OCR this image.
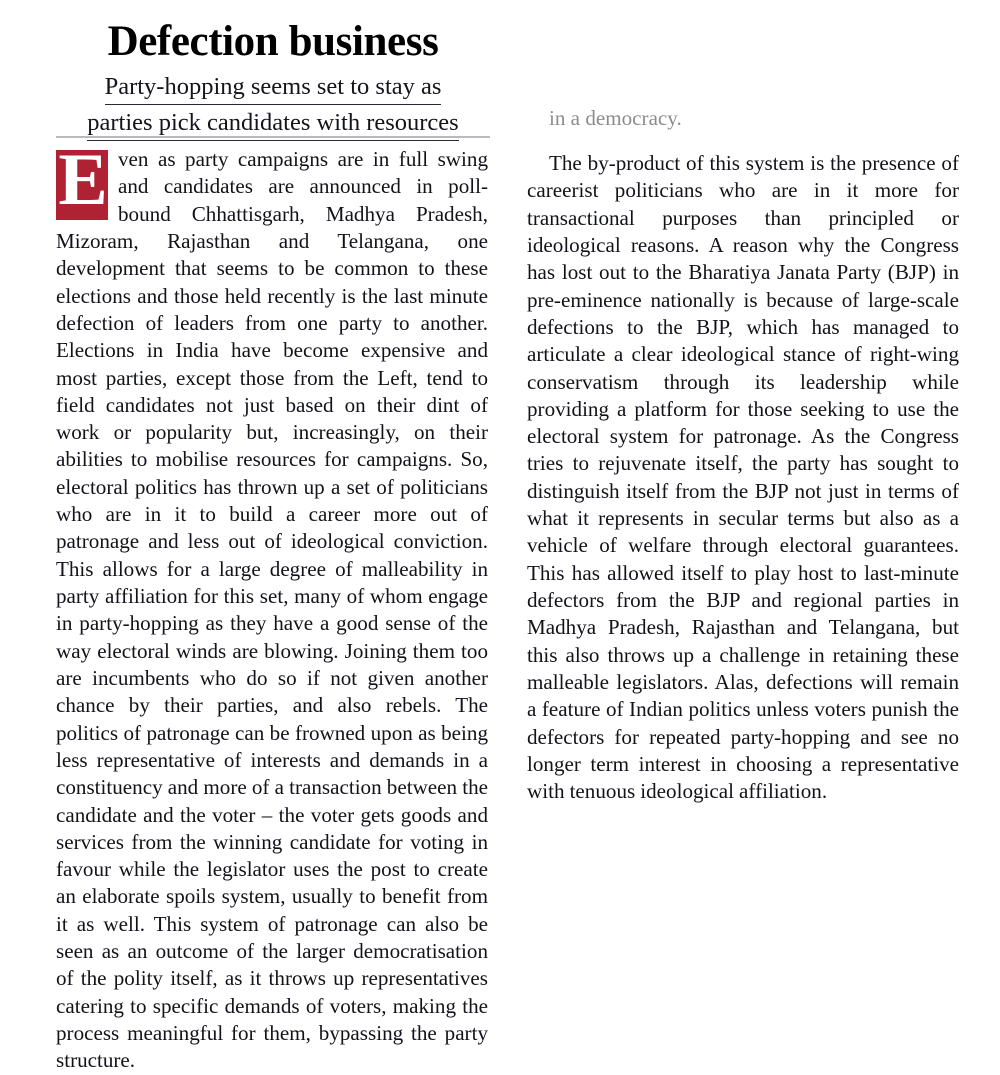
Defection business
Party-hopping seems set to stay as
parties pick candidates with resources	in a democracy.

Even as party campaigns are in full swing and candidates are announced in poll-bound Chhattisgarh, Madhya Pradesh, Mizoram, Rajasthan and Telangana, one development that seems to be common to these elections and those held recently is the last minute defection of leaders from one party to another. Elections in India have become expensive and most parties, except those from the Left, tend to field candidates not just based on their dint of work or popularity but, increasingly, on their abilities to mobilise resources for campaigns. So, electoral politics has thrown up a set of politicians who are in it to build a career more out of patronage and less out of ideological conviction. This allows for a large degree of malleability in party affiliation for this set, many of whom engage in party-hopping as they have a good sense of the way electoral winds are blowing. Joining them too are incumbents who do so if not given another chance by their parties, and also rebels. The politics of patronage can be frowned upon as being less representative of interests and demands in a constituency and more of a transaction between the candidate and the voter – the voter gets goods and services from the winning candidate for voting in favour while the legislator uses the post to create an elaborate spoils system, usually to benefit from it as well. This system of patronage can also be seen as an outcome of the larger democratisation of the polity itself, as it throws up representatives catering to specific demands of voters, making the process meaningful for them, bypassing the party structure.

The by-product of this system is the presence of careerist politicians who are in it more for transactional purposes than principled or ideological reasons. A reason why the Congress has lost out to the Bharatiya Janata Party (BJP) in pre-eminence nationally is because of large-scale defections to the BJP, which has managed to articulate a clear ideological stance of right-wing conservatism through its leadership while providing a platform for those seeking to use the electoral system for patronage. As the Congress tries to rejuvenate itself, the party has sought to distinguish itself from the BJP not just in terms of what it represents in secular terms but also as a vehicle of welfare through electoral guarantees. This has allowed itself to play host to last-minute defectors from the BJP and regional parties in Madhya Pradesh, Rajasthan and Telangana, but this also throws up a challenge in retaining these malleable legislators. Alas, defections will remain a feature of Indian politics unless voters punish the defectors for repeated party-hopping and see no longer term interest in choosing a representative with tenuous ideological affiliation.
